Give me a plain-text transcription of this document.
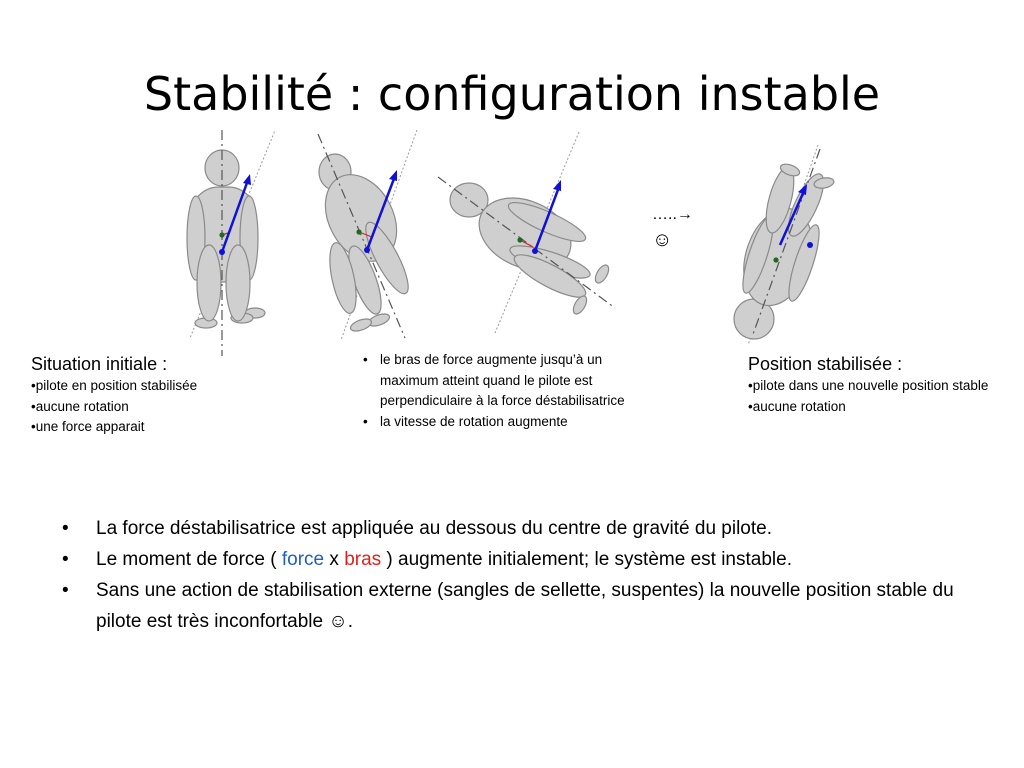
Stabilité : configuration instable
…..→
☺
Situation initiale :
•pilote en position stabilisée
•aucune rotation
•une force apparait
• le bras de force augmente jusqu’à un maximum atteint quand le pilote est perpendiculaire à la force déstabilisatrice
• la vitesse de rotation augmente
Position stabilisée :
•pilote dans une nouvelle position stable
•aucune rotation
• La force déstabilisatrice est appliquée au dessous du centre de gravité du pilote.
• Le moment de force ( force x bras ) augmente initialement; le système est instable.
• Sans une action de stabilisation externe (sangles de sellette, suspentes) la nouvelle position stable du pilote est très inconfortable ☺.
